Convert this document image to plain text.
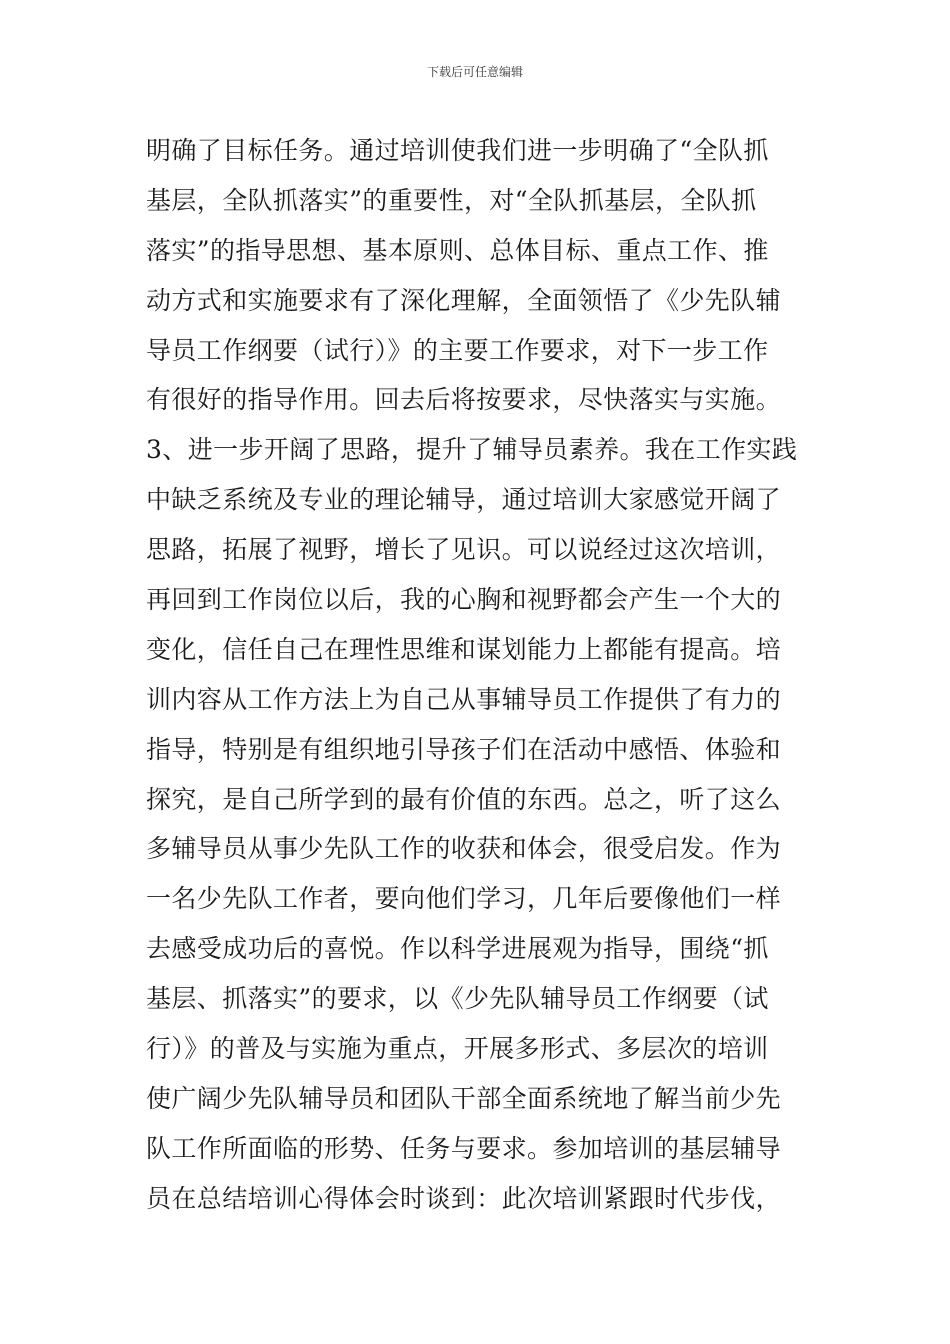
下载后可任意编辑
明确了目标任务。通过培训使我们进一步明确了“全队抓
基层，全队抓落实”的重要性，对“全队抓基层，全队抓
落实”的指导思想、基本原则、总体目标、重点工作、推
动方式和实施要求有了深化理解，全面领悟了《少先队辅
导员工作纲要（试行）》的主要工作要求，对下一步工作
有很好的指导作用。回去后将按要求，尽快落实与实施。
3、进一步开阔了思路，提升了辅导员素养。我在工作实践
中缺乏系统及专业的理论辅导，通过培训大家感觉开阔了
思路，拓展了视野，增长了见识。可以说经过这次培训，
再回到工作岗位以后，我的心胸和视野都会产生一个大的
变化，信任自己在理性思维和谋划能力上都能有提高。培
训内容从工作方法上为自己从事辅导员工作提供了有力的
指导，特别是有组织地引导孩子们在活动中感悟、体验和
探究，是自己所学到的最有价值的东西。总之，听了这么
多辅导员从事少先队工作的收获和体会，很受启发。作为
一名少先队工作者，要向他们学习，几年后要像他们一样
去感受成功后的喜悦。作以科学进展观为指导，围绕“抓
基层、抓落实”的要求，以《少先队辅导员工作纲要（试
行）》的普及与实施为重点，开展多形式、多层次的培训
使广阔少先队辅导员和团队干部全面系统地了解当前少先
队工作所面临的形势、任务与要求。参加培训的基层辅导
员在总结培训心得体会时谈到：此次培训紧跟时代步伐，
